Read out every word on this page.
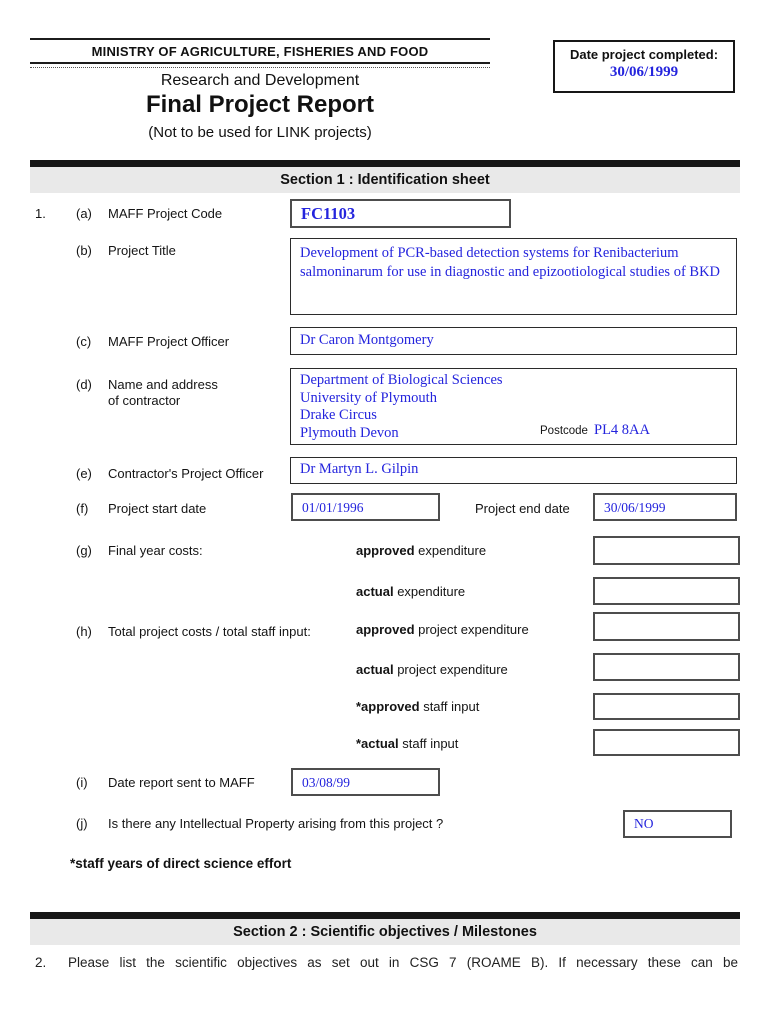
MINISTRY OF AGRICULTURE, FISHERIES AND FOOD
Research and Development
Final Project Report
(Not to be used for LINK projects)
Date project completed:
30/06/1999
Section 1 : Identification sheet
1. (a) MAFF Project Code	FC1103
(b) Project Title	Development of PCR-based detection systems for Renibacterium salmoninarum for use in diagnostic and epizootiological studies of BKD
(c) MAFF Project Officer	Dr Caron Montgomery
(d) Name and address
of contractor
Department of Biological Sciences
University of Plymouth
Drake Circus
Plymouth Devon	Postcode PL4 8AA
(e) Contractor's Project Officer	Dr Martyn L. Gilpin
(f) Project start date	01/01/1996	Project end date	30/06/1999
(g) Final year costs:	approved expenditure
actual expenditure
(h) Total project costs / total staff input:	approved project expenditure
actual project expenditure
*approved staff input
*actual staff input
(i) Date report sent to MAFF	03/08/99
(j) Is there any Intellectual Property arising from this project ?	NO
*staff years of direct science effort
Section 2 : Scientific objectives / Milestones
2. Please list the scientific objectives as set out in CSG 7 (ROAME B). If necessary these can be
